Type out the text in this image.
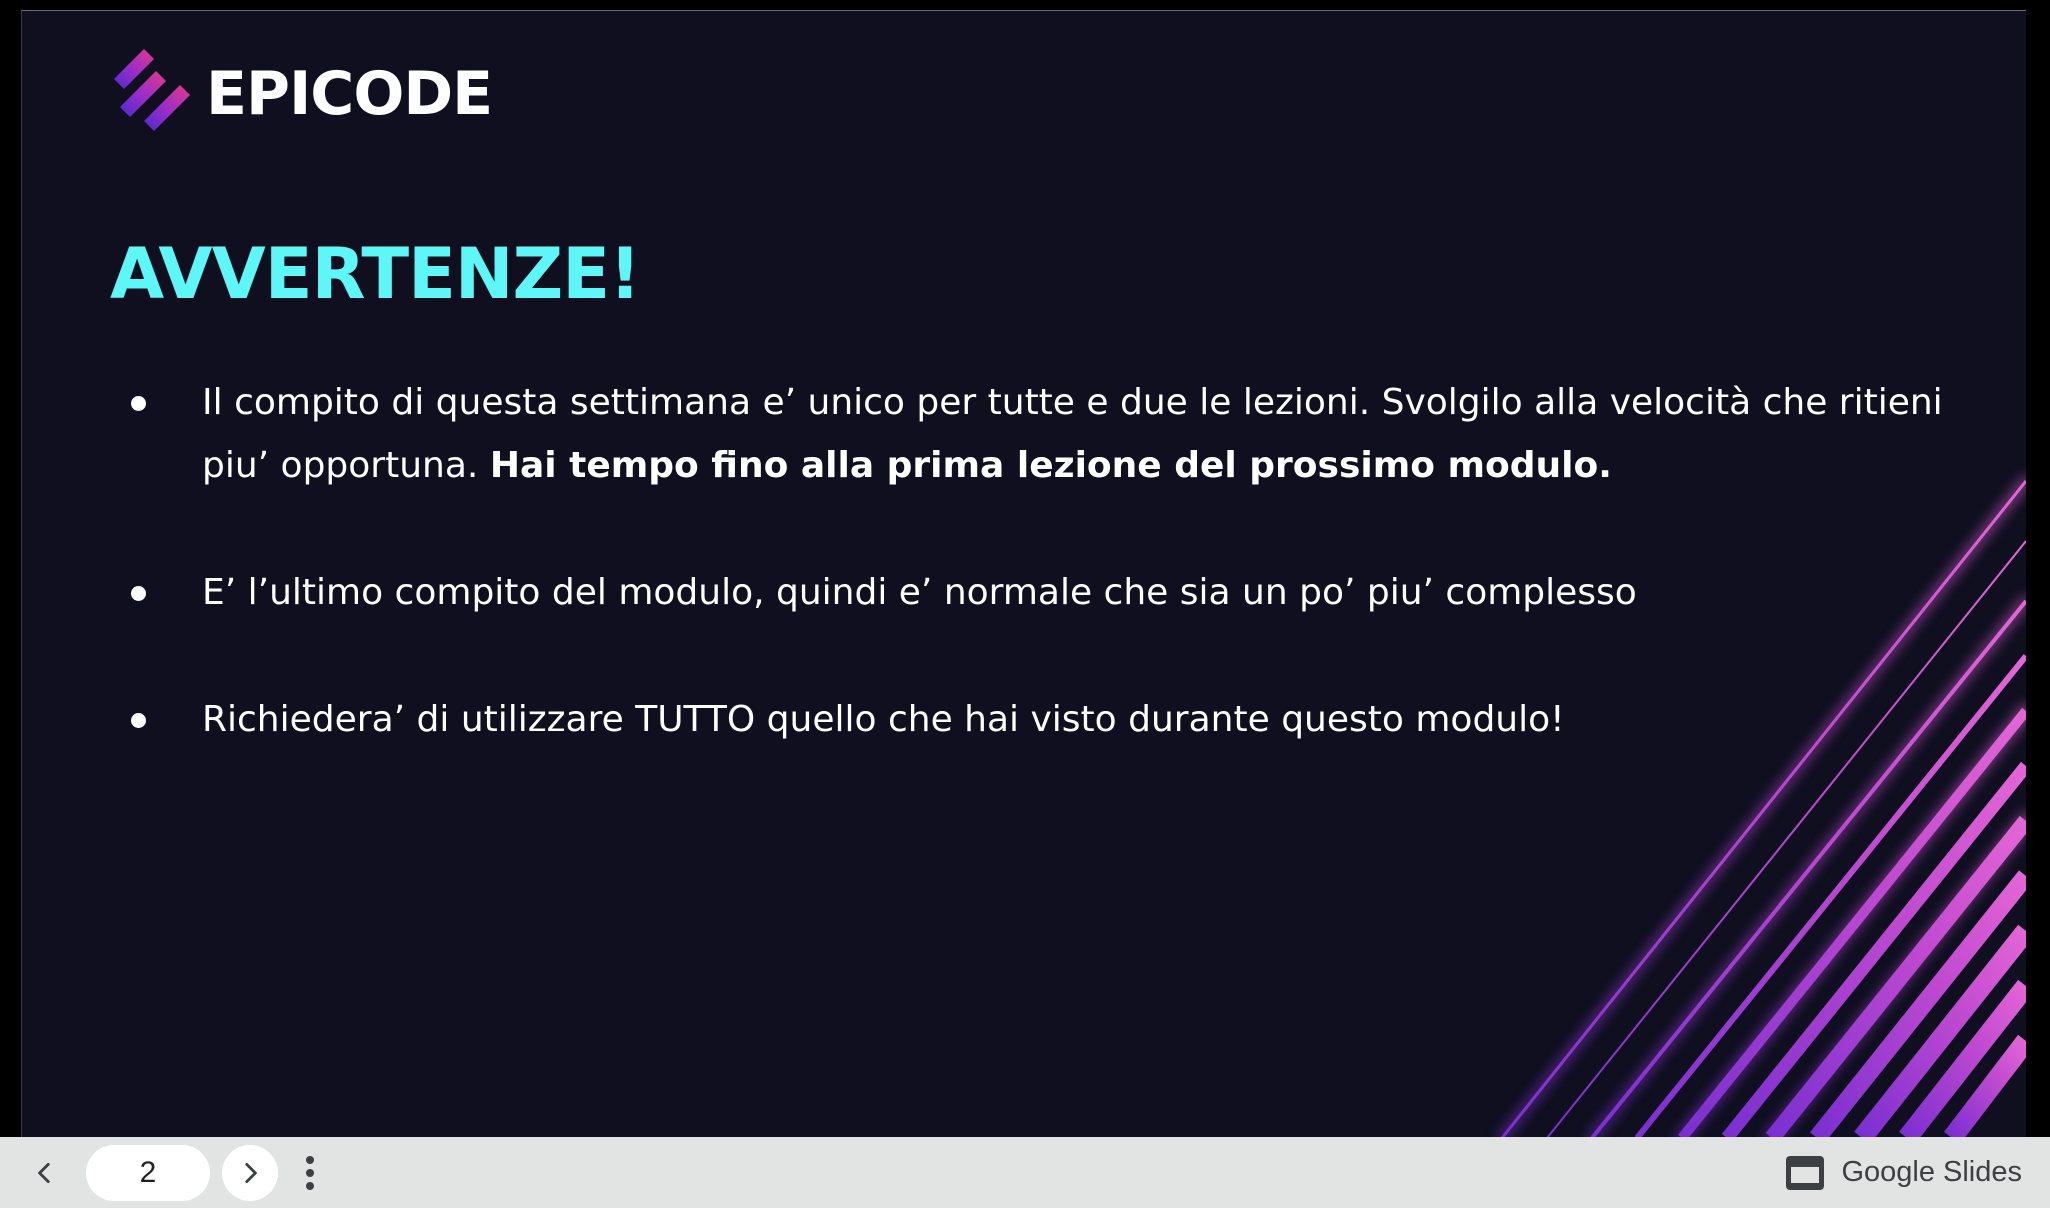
EPICODE
AVVERTENZE!
Il compito di questa settimana e’ unico per tutte e due le lezioni. Svolgilo alla velocità che ritieni piu’ opportuna. Hai tempo fino alla prima lezione del prossimo modulo.
E’ l’ultimo compito del modulo, quindi e’ normale che sia un po’ piu’ complesso
Richiedera’ di utilizzare TUTTO quello che hai visto durante questo modulo!
2	Google Slides
